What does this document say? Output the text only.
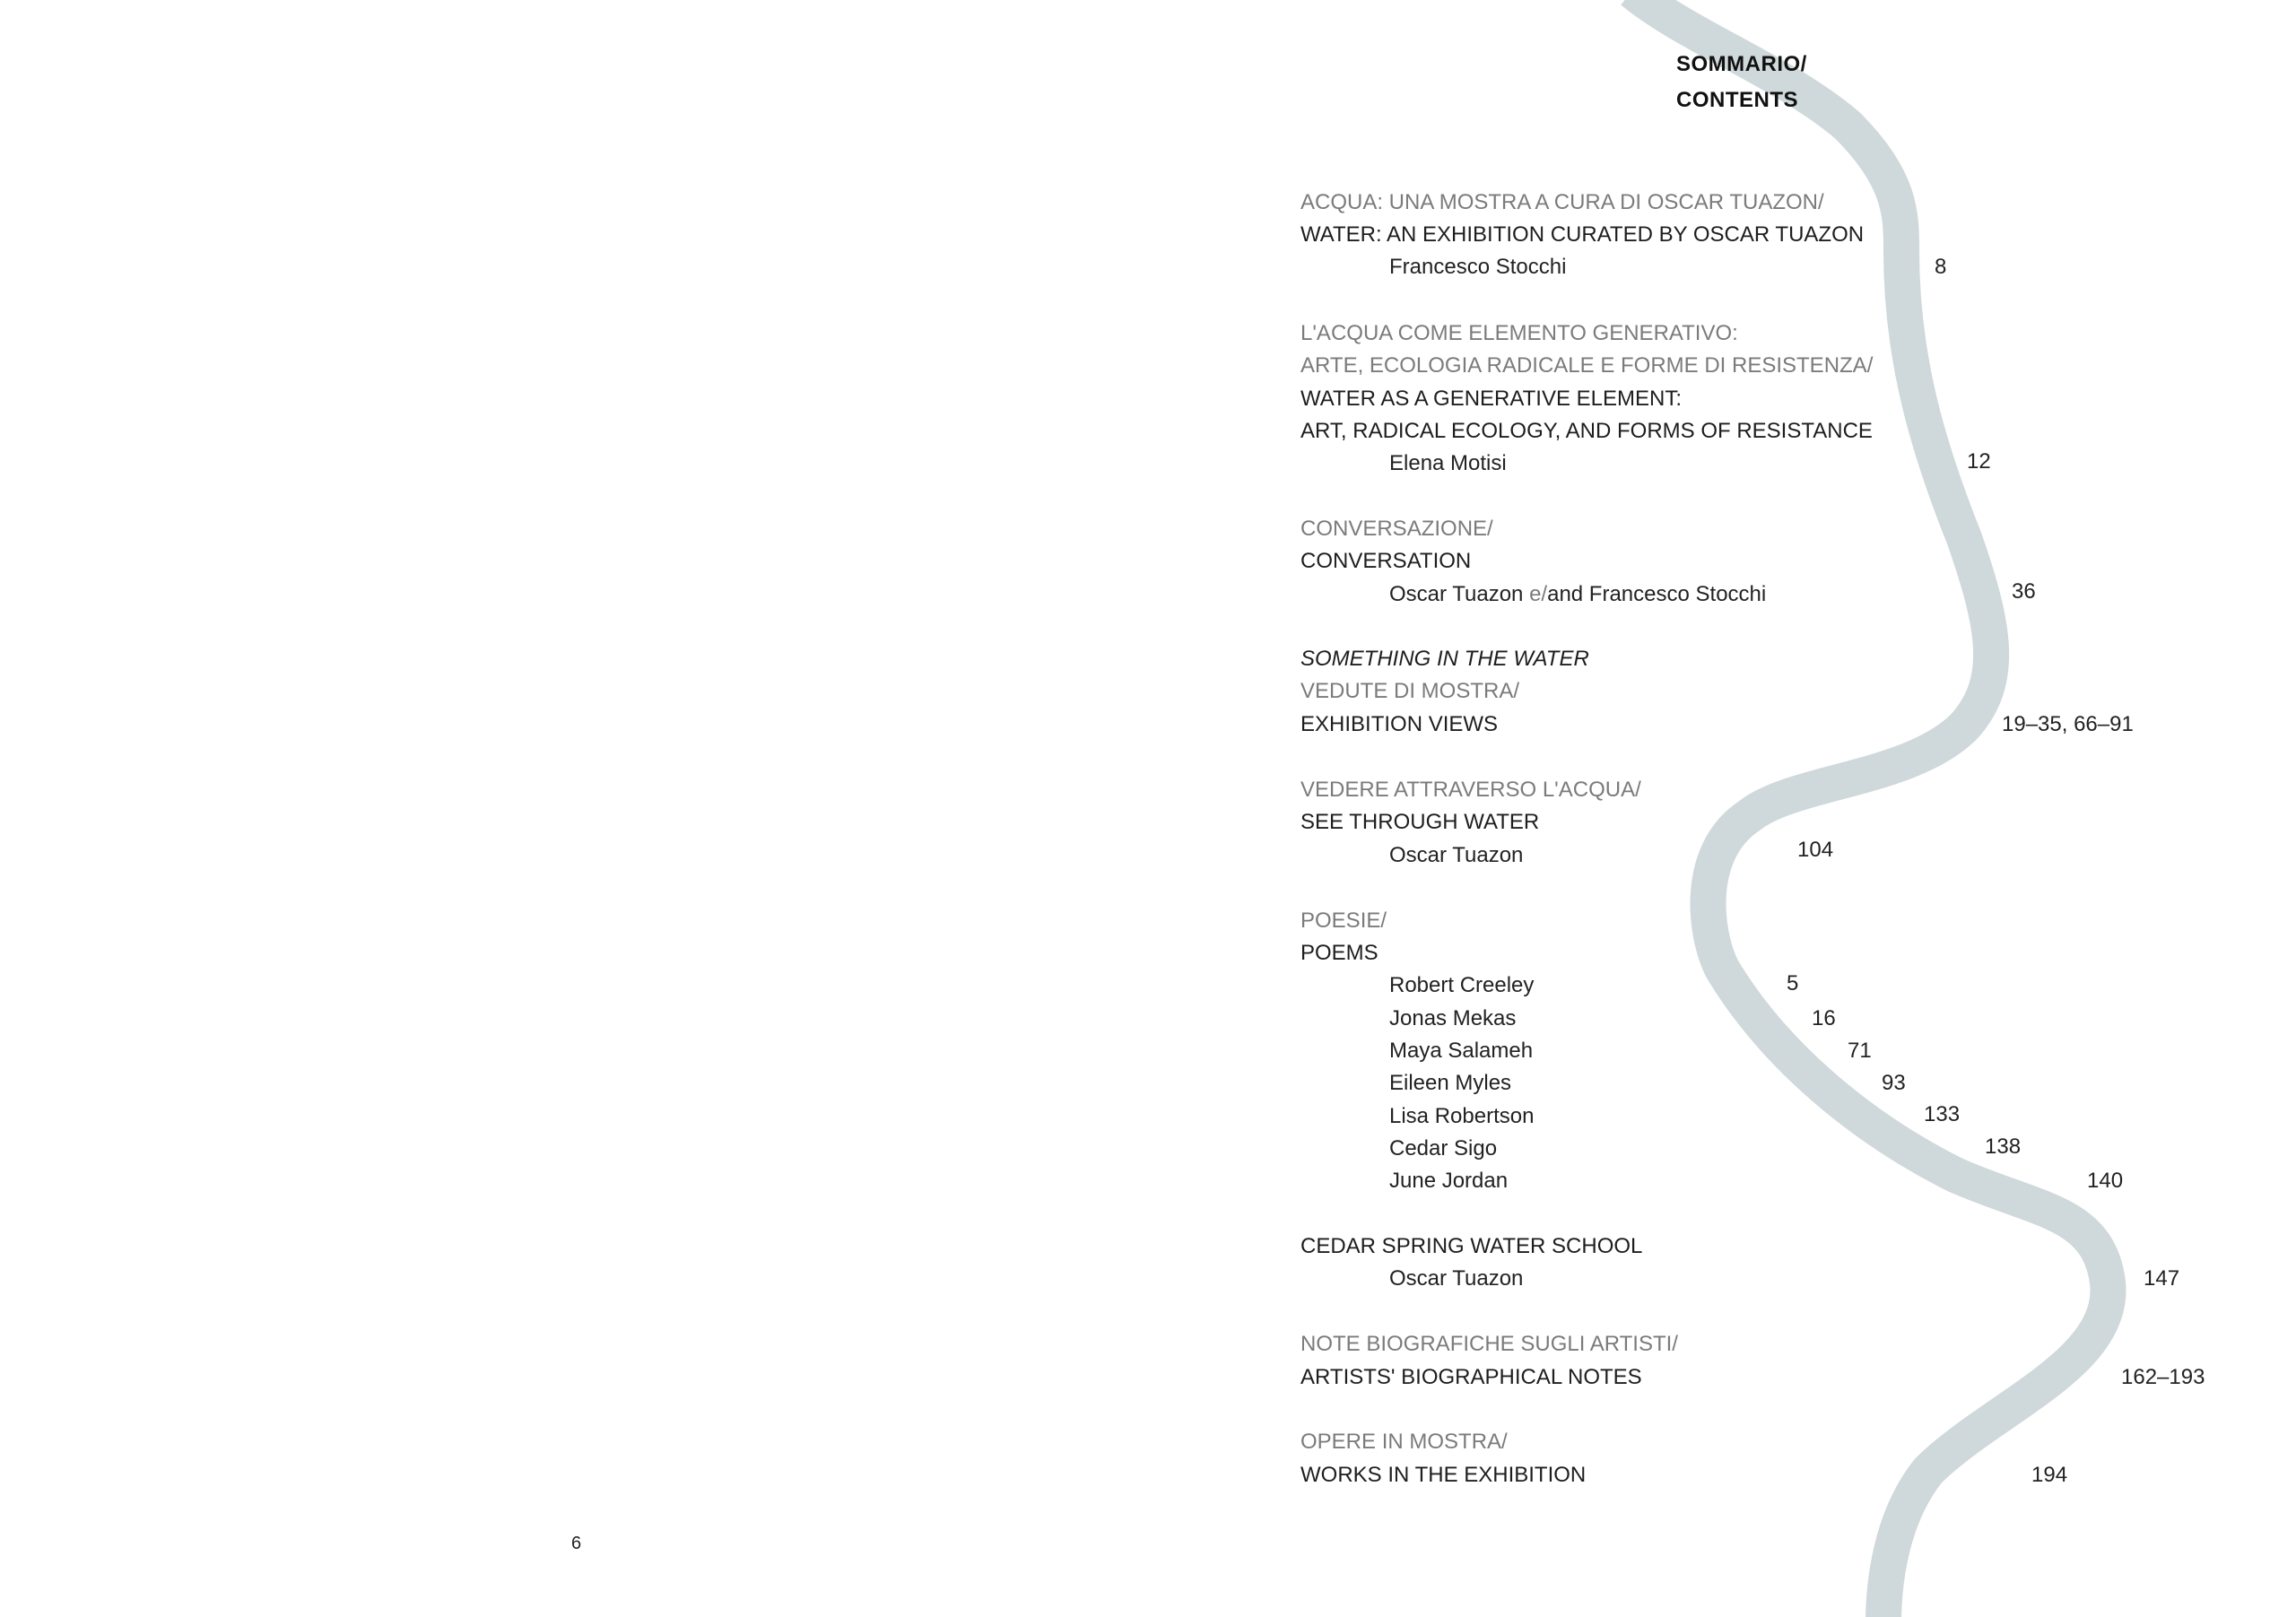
SOMMARIO/
CONTENTS
ACQUA: UNA MOSTRA A CURA DI OSCAR TUAZON/
WATER: AN EXHIBITION CURATED BY OSCAR TUAZON
Francesco Stocchi	8
L'ACQUA COME ELEMENTO GENERATIVO:
ARTE, ECOLOGIA RADICALE E FORME DI RESISTENZA/
WATER AS A GENERATIVE ELEMENT:
ART, RADICAL ECOLOGY, AND FORMS OF RESISTANCE
Elena Motisi	12
CONVERSAZIONE/
CONVERSATION
Oscar Tuazon e/and Francesco Stocchi	36
SOMETHING IN THE WATER
VEDUTE DI MOSTRA/
EXHIBITION VIEWS	19–35, 66–91
VEDERE ATTRAVERSO L'ACQUA/
SEE THROUGH WATER
Oscar Tuazon	104
POESIE/
POEMS
Robert Creeley	5
Jonas Mekas	16
Maya Salameh	71
Eileen Myles	93
Lisa Robertson	133
Cedar Sigo	138
June Jordan	140
CEDAR SPRING WATER SCHOOL
Oscar Tuazon	147
NOTE BIOGRAFICHE SUGLI ARTISTI/
ARTISTS' BIOGRAPHICAL NOTES	162–193
OPERE IN MOSTRA/
WORKS IN THE EXHIBITION	194
6
